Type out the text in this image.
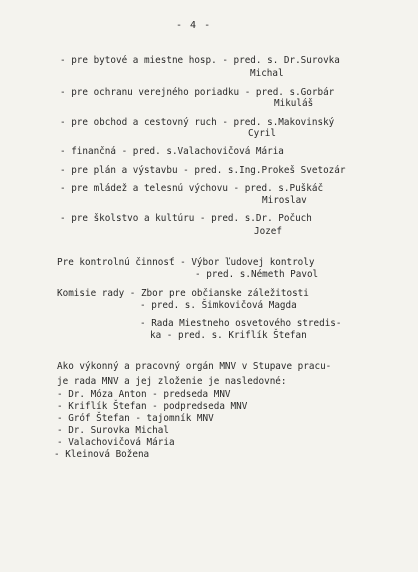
- 4 -
- pre bytové a miestne hosp. - pred. s. Dr.Surovka
Michal
- pre ochranu verejného poriadku - pred. s.Gorbár
Mikuláš
- pre obchod a cestovný ruch - pred. s.Makovinský
Cyril
- finančná - pred. s.Valachovičová Mária
- pre plán a výstavbu - pred. s.Ing.Prokeš Svetozár
- pre mládež a telesnú výchovu - pred. s.Puškáč
Miroslav
- pre školstvo a kultúru - pred. s.Dr. Počuch
Jozef
Pre kontrolnú činnosť - Výbor ľudovej kontroly
- pred. s.Németh Pavol
Komisie rady - Zbor pre občianske záležitosti
- pred. s. Šimkovičová Magda
- Rada Miestneho osvetového stredis-
ka - pred. s. Kriflík Štefan
Ako výkonný a pracovný orgán MNV v Stupave pracu-
je rada MNV a jej zloženie je nasledovné:
- Dr. Móza Anton - predseda MNV
- Kriflík Štefan - podpredseda MNV
- Gróf Štefan - tajomník MNV
- Dr. Surovka Michal
- Valachovičová Mária
- Kleinová Božena
